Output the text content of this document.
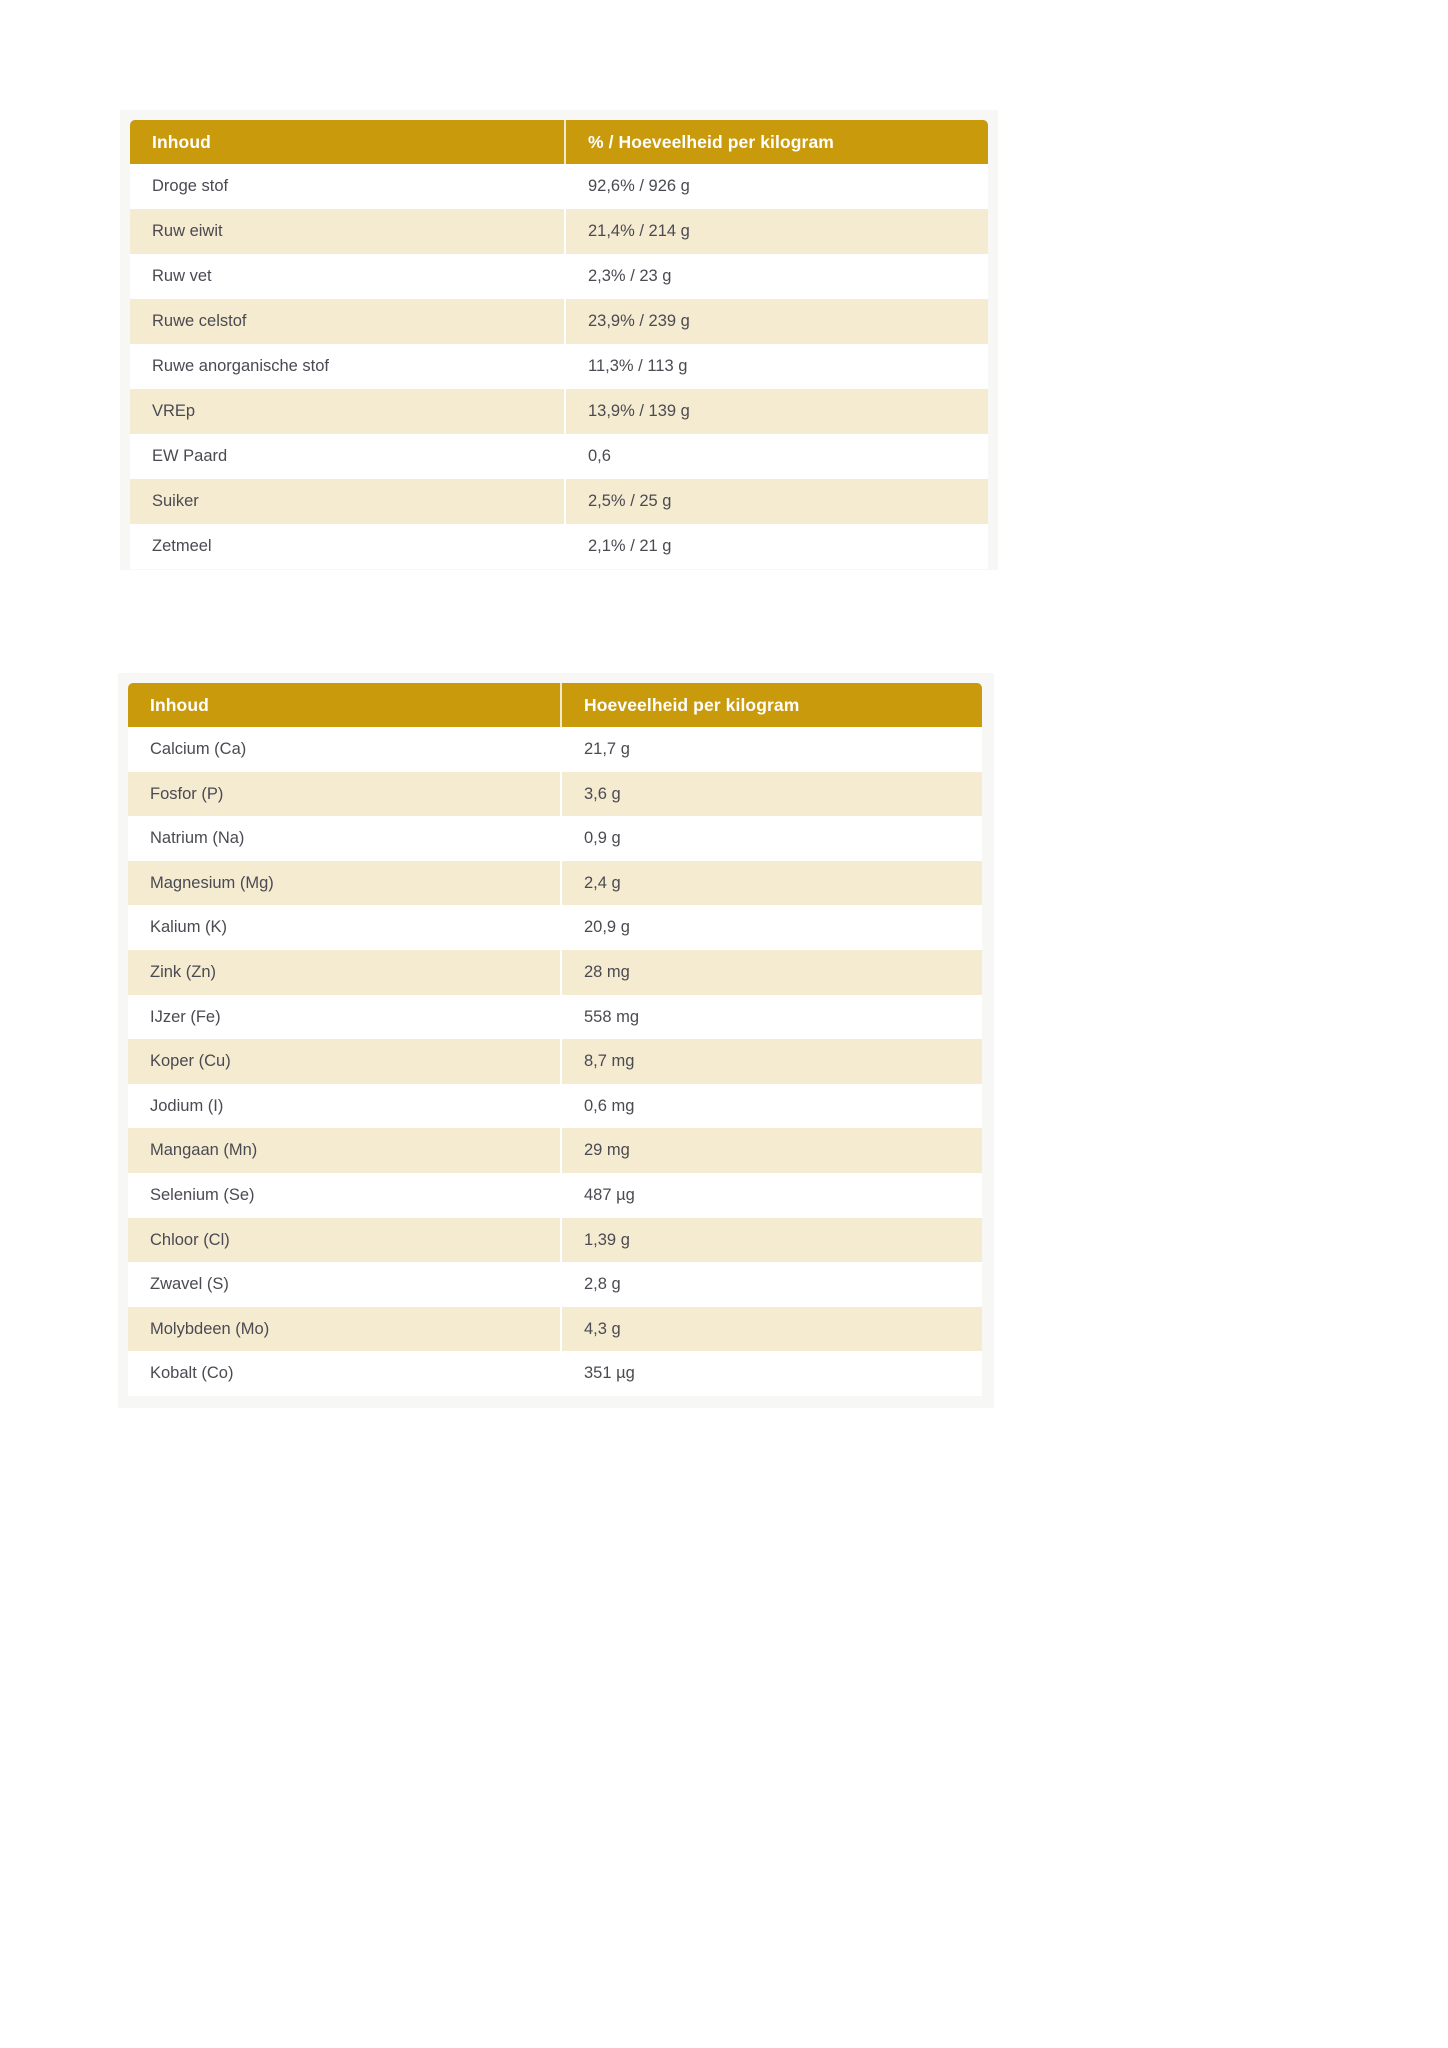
Inhoud	% / Hoeveelheid per kilogram

Droge stof	92,6% / 926 g

Ruw eiwit	21,4% / 214 g

Ruw vet	2,3% / 23 g

Ruwe celstof	23,9% / 239 g

Ruwe anorganische stof	11,3% / 113 g

VREp	13,9% / 139 g

EW Paard	0,6

Suiker	2,5% / 25 g

Zetmeel	2,1% / 21 g
Inhoud	Hoeveelheid per kilogram

Calcium (Ca)	21,7 g

Fosfor (P)	3,6 g

Natrium (Na)	0,9 g

Magnesium (Mg)	2,4 g

Kalium (K)	20,9 g

Zink (Zn)	28 mg

IJzer (Fe)	558 mg

Koper (Cu)	8,7 mg

Jodium (I)	0,6 mg

Mangaan (Mn)	29 mg

Selenium (Se)	487 µg

Chloor (Cl)	1,39 g

Zwavel (S)	2,8 g

Molybdeen (Mo)	4,3 g

Kobalt (Co)	351 µg
